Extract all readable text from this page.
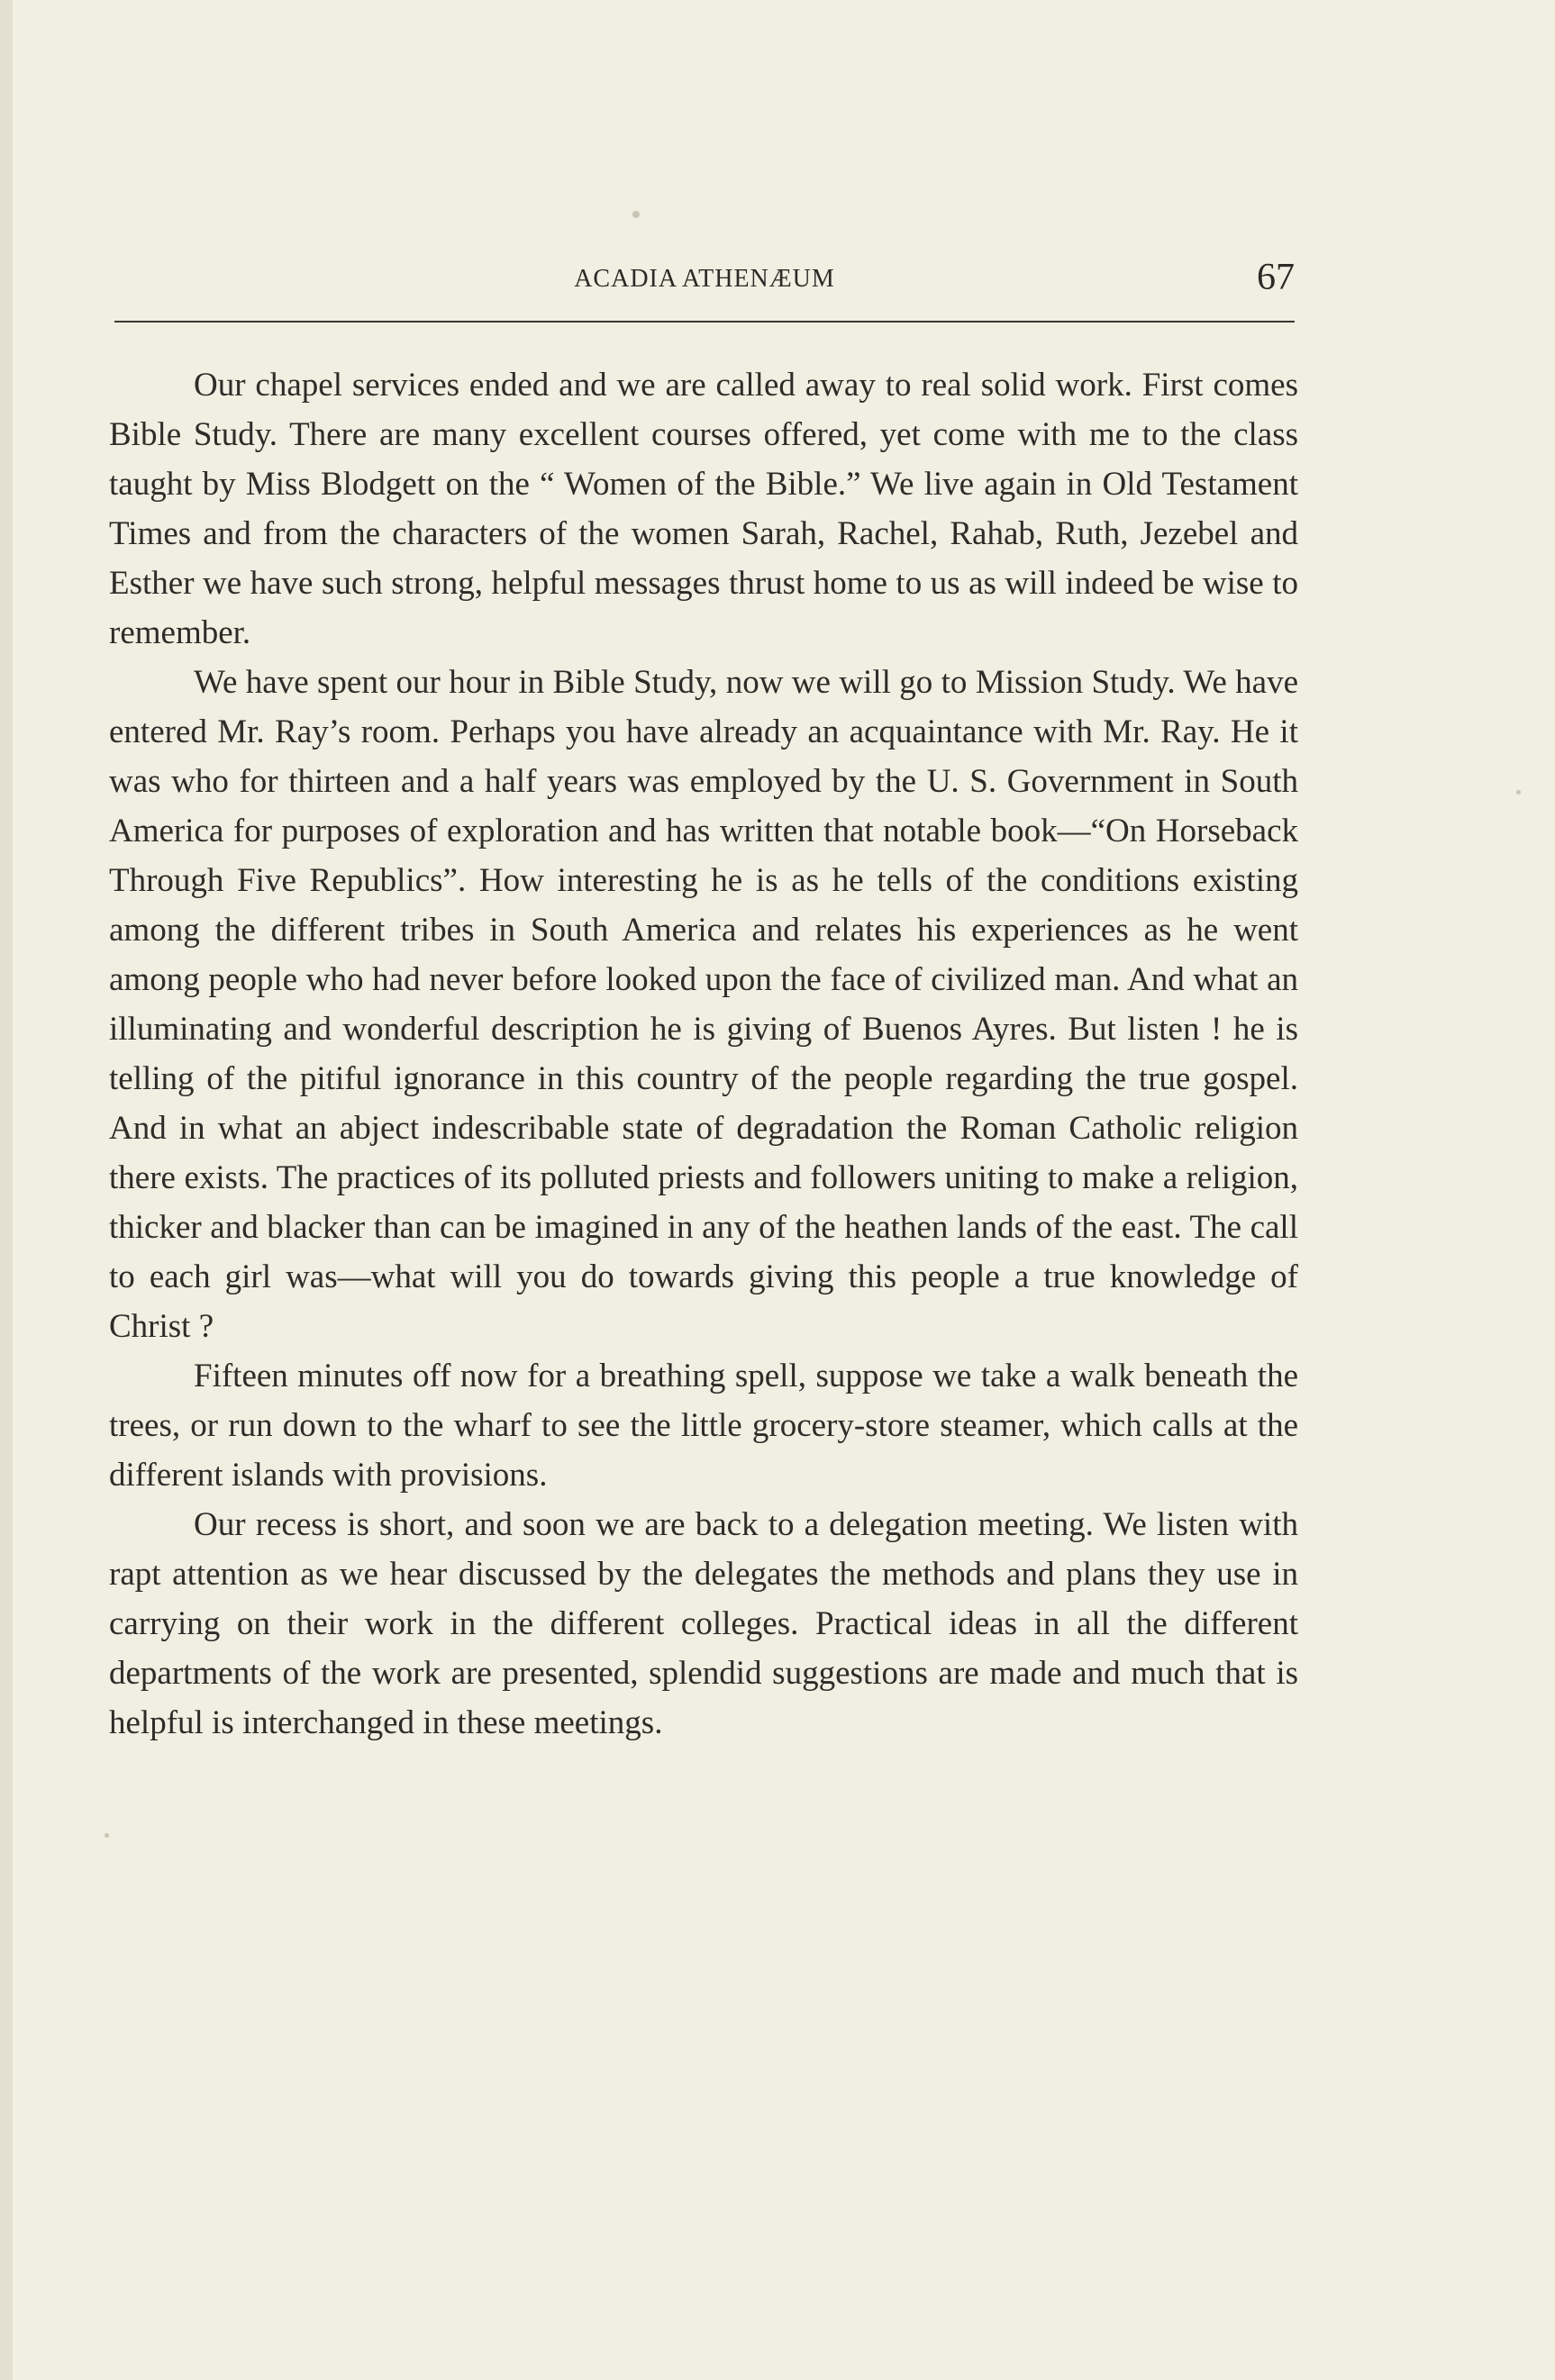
ACADIA ATHENÆUM	67

Our chapel services ended and we are called away to real solid work. First comes Bible Study. There are many excellent courses offered, yet come with me to the class taught by Miss Blodgett on the “ Women of the Bible.” We live again in Old Testament Times and from the characters of the women Sarah, Rachel, Rahab, Ruth, Jezebel and Esther we have such strong, helpful messages thrust home to us as will indeed be wise to remember.

We have spent our hour in Bible Study, now we will go to Mission Study. We have entered Mr. Ray’s room. Perhaps you have already an acquaintance with Mr. Ray. He it was who for thirteen and a half years was employed by the U. S. Government in South America for purposes of exploration and has written that notable book—“On Horseback Through Five Republics”. How interesting he is as he tells of the conditions existing among the different tribes in South America and relates his experiences as he went among people who had never before looked upon the face of civilized man. And what an illuminating and wonderful description he is giving of Buenos Ayres. But listen ! he is telling of the pitiful ignorance in this country of the people regarding the true gospel. And in what an abject indescribable state of degradation the Roman Catholic religion there exists. The practices of its polluted priests and followers uniting to make a religion, thicker and blacker than can be imagined in any of the heathen lands of the east. The call to each girl was—what will you do towards giving this people a true knowledge of Christ ?

Fifteen minutes off now for a breathing spell, suppose we take a walk beneath the trees, or run down to the wharf to see the little grocery-store steamer, which calls at the different islands with provisions.

Our recess is short, and soon we are back to a delegation meeting. We listen with rapt attention as we hear discussed by the delegates the methods and plans they use in carrying on their work in the different colleges. Practical ideas in all the different departments of the work are presented, splendid suggestions are made and much that is helpful is interchanged in these meetings.
